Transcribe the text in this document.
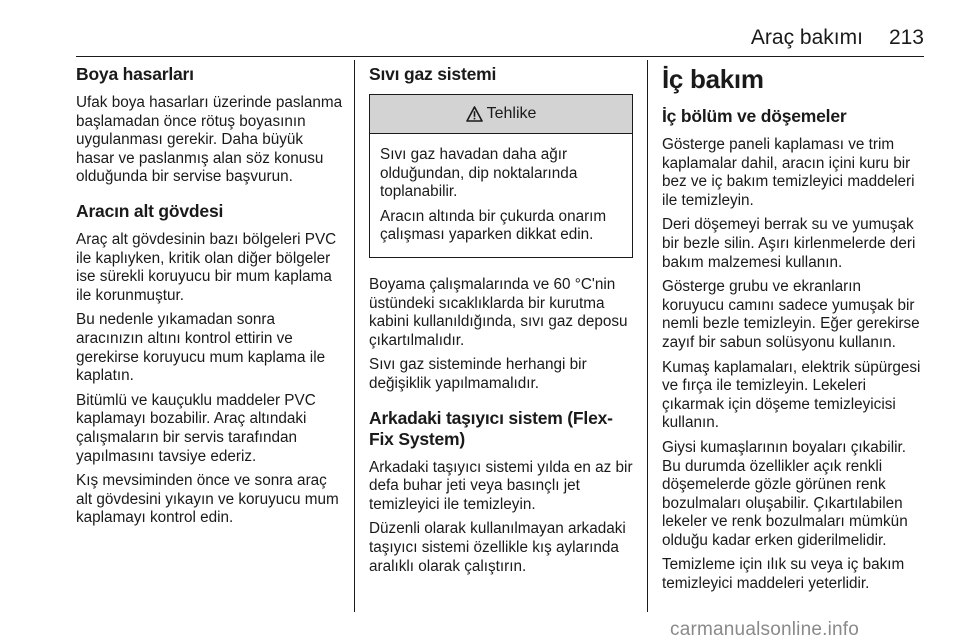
Araç bakımı 213
Boya hasarları

Ufak boya hasarları üzerinde paslanma başlamadan önce rötuş boyasının uygulanması gerekir. Daha büyük hasar ve paslanmış alan söz konusu olduğunda bir servise başvurun.

Aracın alt gövdesi

Araç alt gövdesinin bazı bölgeleri PVC ile kaplıyken, kritik olan diğer bölgeler ise sürekli koruyucu bir mum kaplama ile korunmuştur.

Bu nedenle yıkamadan sonra aracınızın altını kontrol ettirin ve gerekirse koruyucu mum kaplama ile kaplatın.

Bitümlü ve kauçuklu maddeler PVC kaplamayı bozabilir. Araç altındaki çalışmaların bir servis tarafından yapılmasını tavsiye ederiz.

Kış mevsiminden önce ve sonra araç alt gövdesini yıkayın ve koruyucu mum kaplamayı kontrol edin.

Sıvı gaz sistemi
Tehlike

Sıvı gaz havadan daha ağır olduğundan, dip noktalarında toplanabilir.

Aracın altında bir çukurda onarım çalışması yaparken dikkat edin.

Boyama çalışmalarında ve 60 °C'nin üstündeki sıcaklıklarda bir kurutma kabini kullanıldığında, sıvı gaz deposu çıkartılmalıdır.

Sıvı gaz sisteminde herhangi bir değişiklik yapılmamalıdır.

Arkadaki taşıyıcı sistem (Flex-Fix System)

Arkadaki taşıyıcı sistemi yılda en az bir defa buhar jeti veya basınçlı jet temizleyici ile temizleyin.

Düzenli olarak kullanılmayan arkadaki taşıyıcı sistemi özellikle kış aylarında aralıklı olarak çalıştırın.

İç bakım
İç bölüm ve döşemeler

Gösterge paneli kaplaması ve trim kaplamalar dahil, aracın içini kuru bir bez ve iç bakım temizleyici maddeleri ile temizleyin.

Deri döşemeyi berrak su ve yumuşak bir bezle silin. Aşırı kirlenmelerde deri bakım malzemesi kullanın.

Gösterge grubu ve ekranların koruyucu camını sadece yumuşak bir nemli bezle temizleyin. Eğer gerekirse zayıf bir sabun solüsyonu kullanın.

Kumaş kaplamaları, elektrik süpürgesi ve fırça ile temizleyin. Lekeleri çıkarmak için döşeme temizleyicisi kullanın.

Giysi kumaşlarının boyaları çıkabilir. Bu durumda özellikler açık renkli döşemelerde gözle görünen renk bozulmaları oluşabilir. Çıkartılabilen lekeler ve renk bozulmaları mümkün olduğu kadar erken giderilmelidir.

Temizleme için ılık su veya iç bakım temizleyici maddeleri yeterlidir.

carmanualsonline.info
